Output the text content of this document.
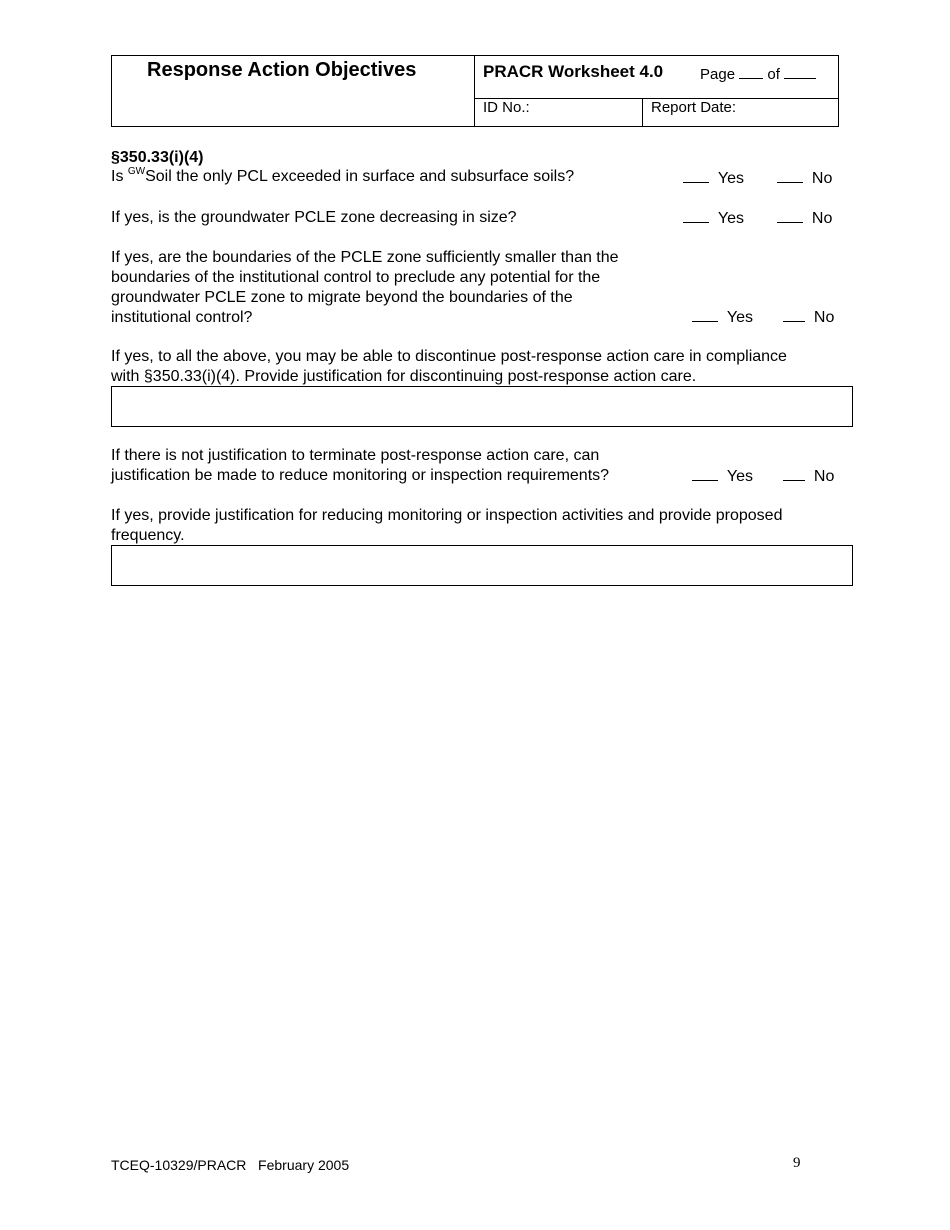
Response Action Objectives	PRACR Worksheet 4.0 Page of
ID No.:	Report Date:
§350.33(i)(4)
Is $^{GW}$Soil the only PCL exceeded in surface and subsurface soils?	Yes	No
If yes, is the groundwater PCLE zone decreasing in size?	Yes	No
If yes, are the boundaries of the PCLE zone sufficiently smaller than the
boundaries of the institutional control to preclude any potential for the
groundwater PCLE zone to migrate beyond the boundaries of the
institutional control?	Yes	No
If yes, to all the above, you may be able to discontinue post-response action care in compliance
with §350.33(i)(4). Provide justification for discontinuing post-response action care.
If there is not justification to terminate post-response action care, can
justification be made to reduce monitoring or inspection requirements?	Yes	No
If yes, provide justification for reducing monitoring or inspection activities and provide proposed
frequency.
TCEQ-10329/PRACR   February 2005	9
